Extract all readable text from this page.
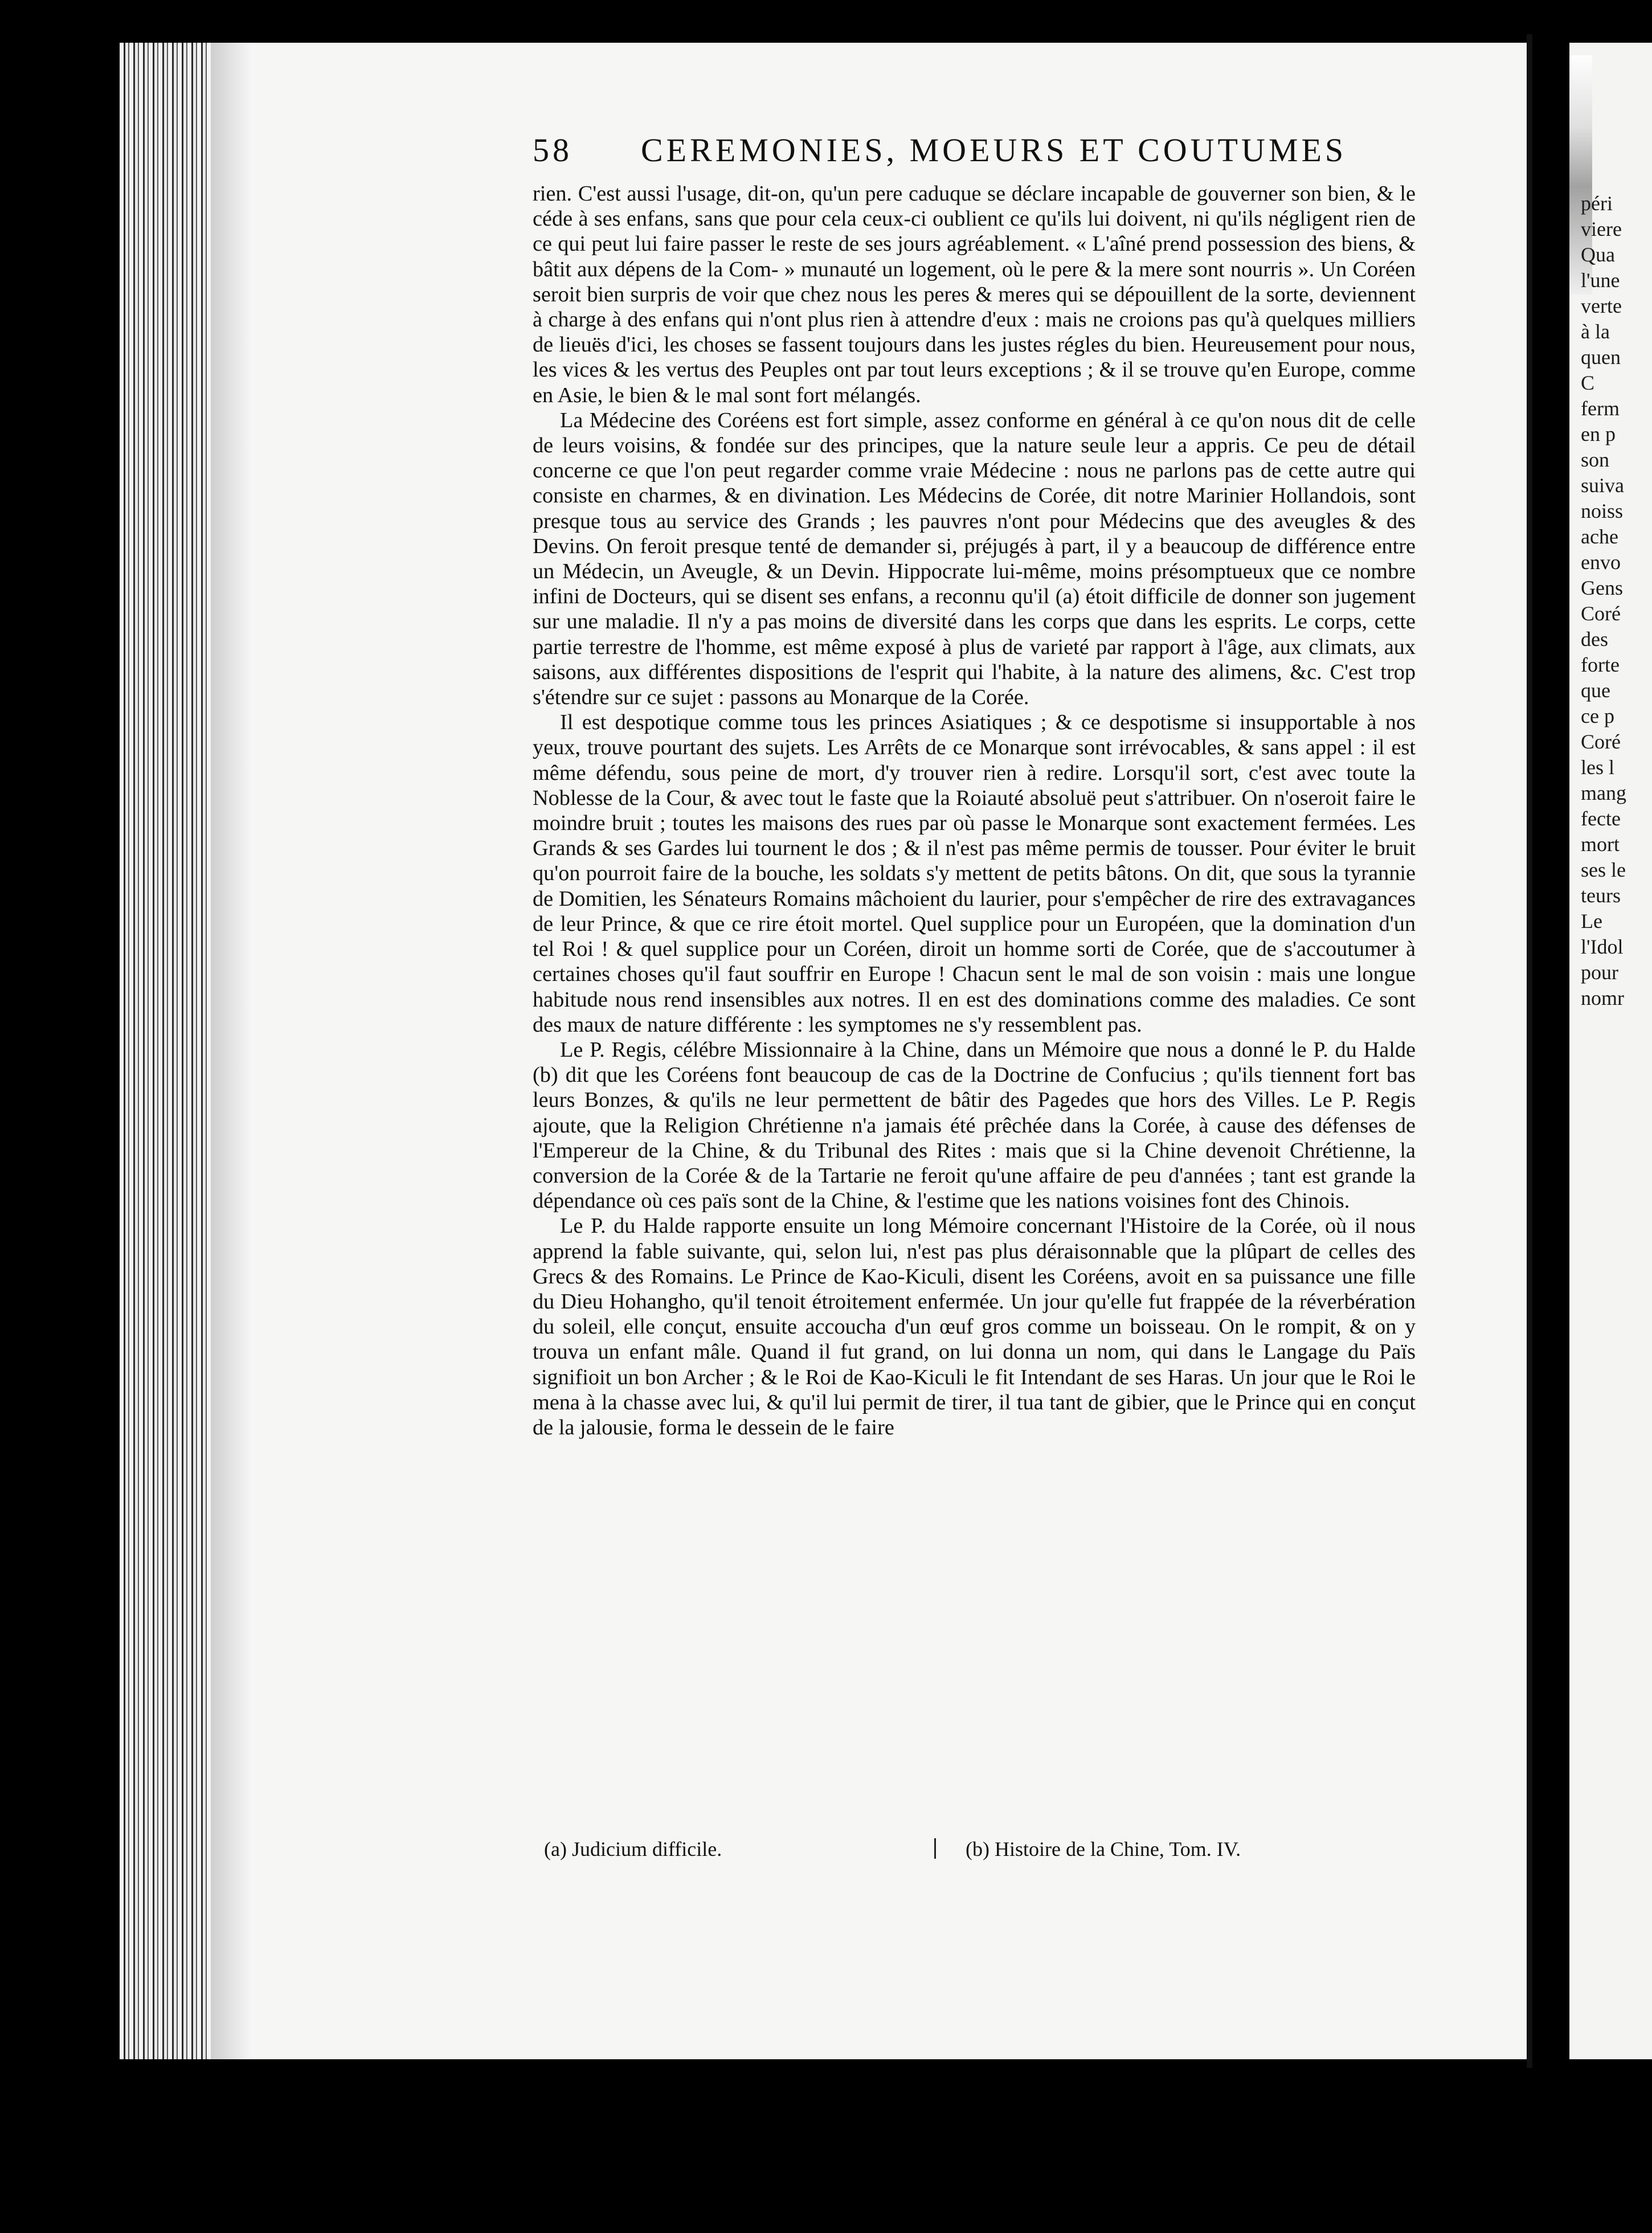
péri
viere
Qua
l'une
verte
à la
quen
C
ferm
en p
son
suiva
noiss
ache
envo
Gens
Coré
des
forte
que
ce p
Coré
les l
mang
fecte
mort
ses le
teurs
Le
l'Idol
pour
nomr
58 CEREMONIES, MOEURS ET COUTUMES

rien. C'est aussi l'usage, dit-on, qu'un pere caduque se déclare incapable de gouverner son bien, & le céde à ses enfans, sans que pour cela ceux-ci oublient ce qu'ils lui doivent, ni qu'ils négligent rien de ce qui peut lui faire passer le reste de ses jours agréablement. « L'aîné prend possession des biens, & bâtit aux dépens de la Com- » munauté un logement, où le pere & la mere sont nourris ». Un Coréen seroit bien surpris de voir que chez nous les peres & meres qui se dépouillent de la sorte, deviennent à charge à des enfans qui n'ont plus rien à attendre d'eux : mais ne croions pas qu'à quelques milliers de lieuës d'ici, les choses se fassent toujours dans les justes régles du bien. Heureusement pour nous, les vices & les vertus des Peuples ont par tout leurs exceptions ; & il se trouve qu'en Europe, comme en Asie, le bien & le mal sont fort mélangés.

La Médecine des Coréens est fort simple, assez conforme en général à ce qu'on nous dit de celle de leurs voisins, & fondée sur des principes, que la nature seule leur a appris. Ce peu de détail concerne ce que l'on peut regarder comme vraie Médecine : nous ne parlons pas de cette autre qui consiste en charmes, & en divination. Les Médecins de Corée, dit notre Marinier Hollandois, sont presque tous au service des Grands ; les pauvres n'ont pour Médecins que des aveugles & des Devins. On feroit presque tenté de demander si, préjugés à part, il y a beaucoup de différence entre un Médecin, un Aveugle, & un Devin. Hippocrate lui-même, moins présomptueux que ce nombre infini de Docteurs, qui se disent ses enfans, a reconnu qu'il (a) étoit difficile de donner son jugement sur une maladie. Il n'y a pas moins de diversité dans les corps que dans les esprits. Le corps, cette partie terrestre de l'homme, est même exposé à plus de varieté par rapport à l'âge, aux climats, aux saisons, aux différentes dispositions de l'esprit qui l'habite, à la nature des alimens, &c. C'est trop s'étendre sur ce sujet : passons au Monarque de la Corée.

Il est despotique comme tous les princes Asiatiques ; & ce despotisme si insupportable à nos yeux, trouve pourtant des sujets. Les Arrêts de ce Monarque sont irrévocables, & sans appel : il est même défendu, sous peine de mort, d'y trouver rien à redire. Lorsqu'il sort, c'est avec toute la Noblesse de la Cour, & avec tout le faste que la Roiauté absoluë peut s'attribuer. On n'oseroit faire le moindre bruit ; toutes les maisons des rues par où passe le Monarque sont exactement fermées. Les Grands & ses Gardes lui tournent le dos ; & il n'est pas même permis de tousser. Pour éviter le bruit qu'on pourroit faire de la bouche, les soldats s'y mettent de petits bâtons. On dit, que sous la tyrannie de Domitien, les Sénateurs Romains mâchoient du laurier, pour s'empêcher de rire des extravagances de leur Prince, & que ce rire étoit mortel. Quel supplice pour un Européen, que la domination d'un tel Roi ! & quel supplice pour un Coréen, diroit un homme sorti de Corée, que de s'accoutumer à certaines choses qu'il faut souffrir en Europe ! Chacun sent le mal de son voisin : mais une longue habitude nous rend insensibles aux notres. Il en est des dominations comme des maladies. Ce sont des maux de nature différente : les symptomes ne s'y ressemblent pas.

Le P. Regis, célébre Missionnaire à la Chine, dans un Mémoire que nous a donné le P. du Halde (b) dit que les Coréens font beaucoup de cas de la Doctrine de Confucius ; qu'ils tiennent fort bas leurs Bonzes, & qu'ils ne leur permettent de bâtir des Pagedes que hors des Villes. Le P. Regis ajoute, que la Religion Chrétienne n'a jamais été prêchée dans la Corée, à cause des défenses de l'Empereur de la Chine, & du Tribunal des Rites : mais que si la Chine devenoit Chrétienne, la conversion de la Corée & de la Tartarie ne feroit qu'une affaire de peu d'années ; tant est grande la dépendance où ces païs sont de la Chine, & l'estime que les nations voisines font des Chinois.

Le P. du Halde rapporte ensuite un long Mémoire concernant l'Histoire de la Corée, où il nous apprend la fable suivante, qui, selon lui, n'est pas plus déraisonnable que la plûpart de celles des Grecs & des Romains. Le Prince de Kao-Kiculi, disent les Coréens, avoit en sa puissance une fille du Dieu Hohangho, qu'il tenoit étroitement enfermée. Un jour qu'elle fut frappée de la réverbération du soleil, elle conçut, ensuite accoucha d'un œuf gros comme un boisseau. On le rompit, & on y trouva un enfant mâle. Quand il fut grand, on lui donna un nom, qui dans le Langage du Païs signifioit un bon Archer ; & le Roi de Kao-Kiculi le fit Intendant de ses Haras. Un jour que le Roi le mena à la chasse avec lui, & qu'il lui permit de tirer, il tua tant de gibier, que le Prince qui en conçut de la jalousie, forma le dessein de le faire

(a) Judicium difficile.	(b) Histoire de la Chine, Tom. IV.
